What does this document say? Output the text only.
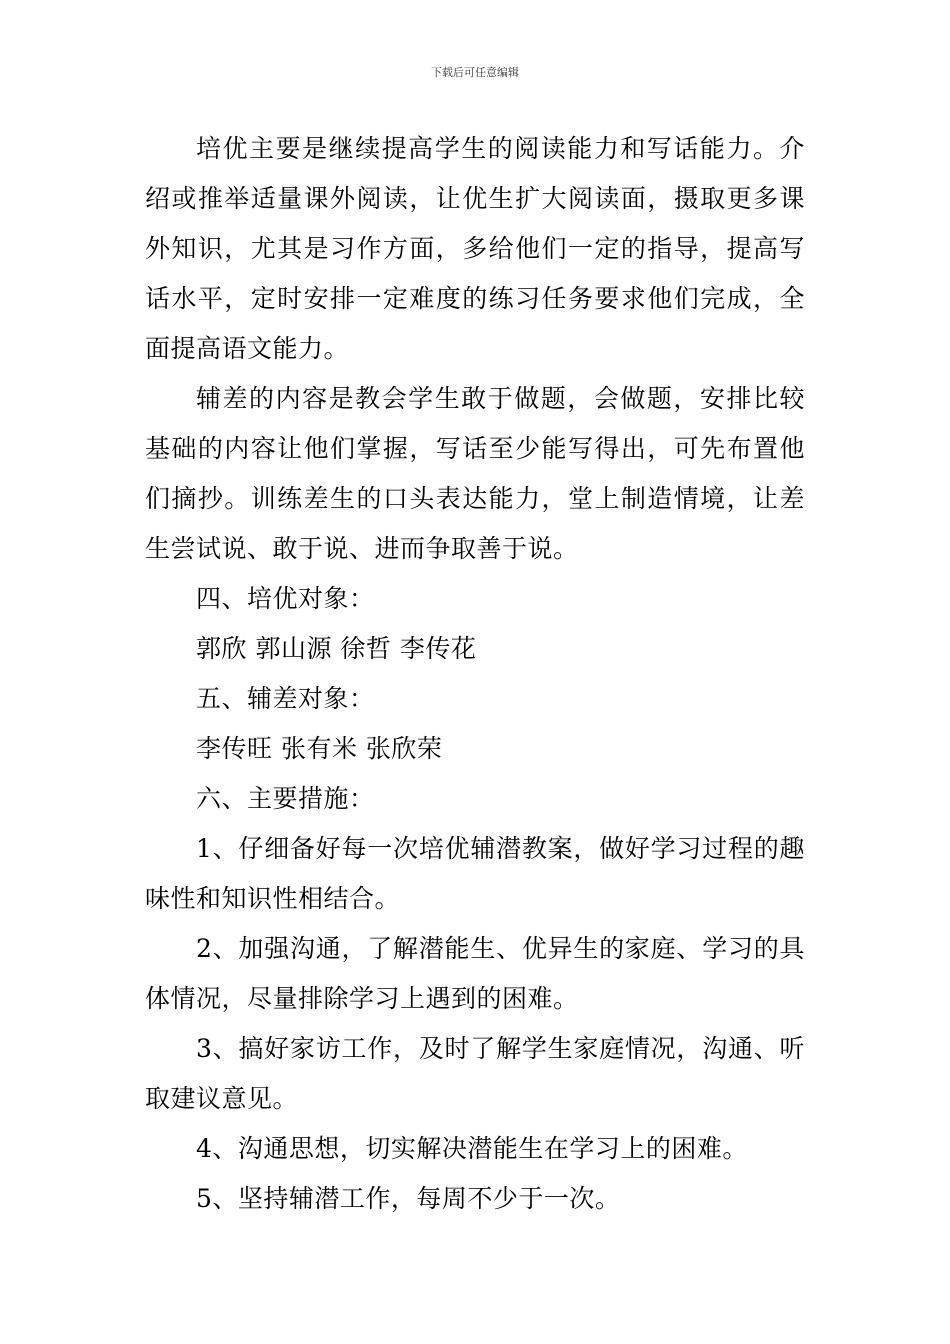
下载后可任意编辑

培优主要是继续提高学生的阅读能力和写话能力。介绍或推举适量课外阅读，让优生扩大阅读面，摄取更多课外知识，尤其是习作方面，多给他们一定的指导，提高写话水平，定时安排一定难度的练习任务要求他们完成，全面提高语文能力。

辅差的内容是教会学生敢于做题，会做题，安排比较基础的内容让他们掌握，写话至少能写得出，可先布置他们摘抄。训练差生的口头表达能力，堂上制造情境，让差生尝试说、敢于说、进而争取善于说。

四、培优对象：

郭欣 郭山源 徐哲 李传花

五、辅差对象：

李传旺 张有米 张欣荣

六、主要措施：

1、仔细备好每一次培优辅潜教案，做好学习过程的趣味性和知识性相结合。

2、加强沟通，了解潜能生、优异生的家庭、学习的具体情况，尽量排除学习上遇到的困难。

3、搞好家访工作，及时了解学生家庭情况，沟通、听取建议意见。

4、沟通思想，切实解决潜能生在学习上的困难。

5、坚持辅潜工作，每周不少于一次。
